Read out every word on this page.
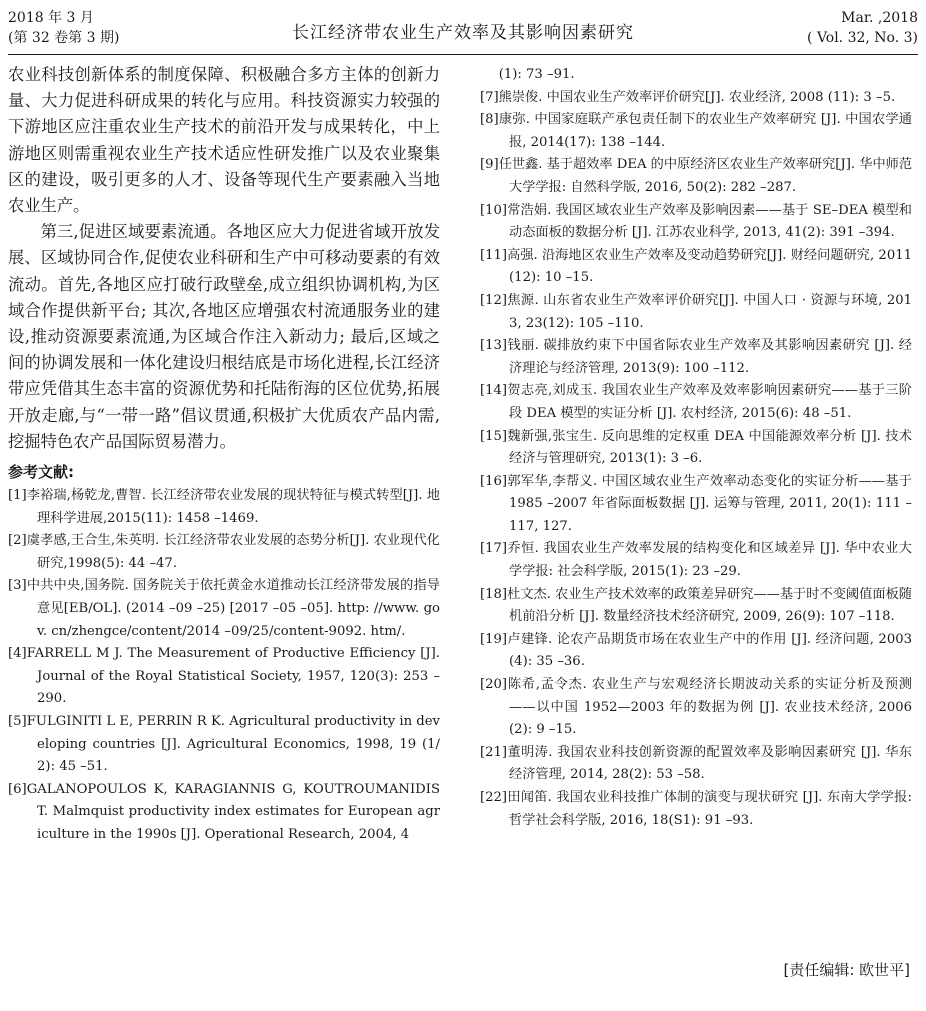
2018 年 3 月
(第 32 卷第 3 期)	长江经济带农业生产效率及其影响因素研究
Mar. ,2018
( Vol. 32, No. 3)

农业科技创新体系的制度保障、积极融合多方主体的创新力量、大力促进科研成果的转化与应用。科技资源实力较强的下游地区应注重农业生产技术的前沿开发与成果转化，中上游地区则需重视农业生产技术适应性研发推广以及农业聚集区的建设，吸引更多的人才、设备等现代生产要素融入当地农业生产。

第三,促进区域要素流通。各地区应大力促进省域开放发展、区域协同合作,促使农业科研和生产中可移动要素的有效流动。首先,各地区应打破行政壁垒,成立组织协调机构,为区域合作提供新平台; 其次,各地区应增强农村流通服务业的建设,推动资源要素流通,为区域合作注入新动力; 最后,区域之间的协调发展和一体化建设归根结底是市场化进程,长江经济带应凭借其生态丰富的资源优势和托陆衔海的区位优势,拓展开放走廊,与“一带一路”倡议贯通,积极扩大优质农产品内需,挖掘特色农产品国际贸易潜力。

参考文献:

[1]李裕瑞,杨乾龙,曹智. 长江经济带农业发展的现状特征与模式转型[J]. 地理科学进展,2015(11): 1458 –1469.

[2]虞孝感,王合生,朱英明. 长江经济带农业发展的态势分析[J]. 农业现代化研究,1998(5): 44 –47.

[3]中共中央,国务院. 国务院关于依托黄金水道推动长江经济带发展的指导意见[EB/OL]. (2014 –09 –25) [2017 –05 –05]. http: //www. gov. cn/zhengce/content/2014 –09/25/content-9092. htm/.

[4]FARRELL M J. The Measurement of Productive Efficiency [J]. Journal of the Royal Statistical Society, 1957, 120(3): 253 –290.

[5]FULGINITI L E, PERRIN R K. Agricultural productivity in developing countries [J]. Agricultural Economics, 1998, 19 (1/2): 45 –51.

[6]GALANOPOULOS K, KARAGIANNIS G, KOUTROUMANIDIS T. Malmquist productivity index estimates for European agriculture in the 1990s [J]. Operational Research, 2004, 4

(1): 73 –91.

[7]熊崇俊. 中国农业生产效率评价研究[J]. 农业经济, 2008 (11): 3 –5.

[8]康弥. 中国家庭联产承包责任制下的农业生产效率研究 [J]. 中国农学通报, 2014(17): 138 –144.

[9]任世鑫. 基于超效率 DEA 的中原经济区农业生产效率研究[J]. 华中师范大学学报: 自然科学版, 2016, 50(2): 282 –287.

[10]常浩娟. 我国区域农业生产效率及影响因素——基于 SE–DEA 模型和动态面板的数据分析 [J]. 江苏农业科学, 2013, 41(2): 391 –394.

[11]高强. 沿海地区农业生产效率及变动趋势研究[J]. 财经问题研究, 2011(12): 10 –15.

[12]焦源. 山东省农业生产效率评价研究[J]. 中国人口 · 资源与环境, 2013, 23(12): 105 –110.

[13]钱丽. 碳排放约束下中国省际农业生产效率及其影响因素研究 [J]. 经济理论与经济管理, 2013(9): 100 –112.

[14]贺志亮,刘成玉. 我国农业生产效率及效率影响因素研究——基于三阶段 DEA 模型的实证分析 [J]. 农村经济, 2015(6): 48 –51.

[15]魏新强,张宝生. 反向思维的定权重 DEA 中国能源效率分析 [J]. 技术经济与管理研究, 2013(1): 3 –6.

[16]郭军华,李帮义. 中国区域农业生产效率动态变化的实证分析——基于 1985 –2007 年省际面板数据 [J]. 运筹与管理, 2011, 20(1): 111 –117, 127.

[17]乔恒. 我国农业生产效率发展的结构变化和区域差异 [J]. 华中农业大学学报: 社会科学版, 2015(1): 23 –29.

[18]杜文杰. 农业生产技术效率的政策差异研究——基于时不变阈值面板随机前沿分析 [J]. 数量经济技术经济研究, 2009, 26(9): 107 –118.

[19]卢建锋. 论农产品期货市场在农业生产中的作用 [J]. 经济问题, 2003(4): 35 –36.

[20]陈希,孟令杰. 农业生产与宏观经济长期波动关系的实证分析及预测——以中国 1952—2003 年的数据为例 [J]. 农业技术经济, 2006(2): 9 –15.

[21]董明涛. 我国农业科技创新资源的配置效率及影响因素研究 [J]. 华东经济管理, 2014, 28(2): 53 –58.

[22]田闻笛. 我国农业科技推广体制的演变与现状研究 [J]. 东南大学学报: 哲学社会科学版, 2016, 18(S1): 91 –93.

[责任编辑: 欧世平]
